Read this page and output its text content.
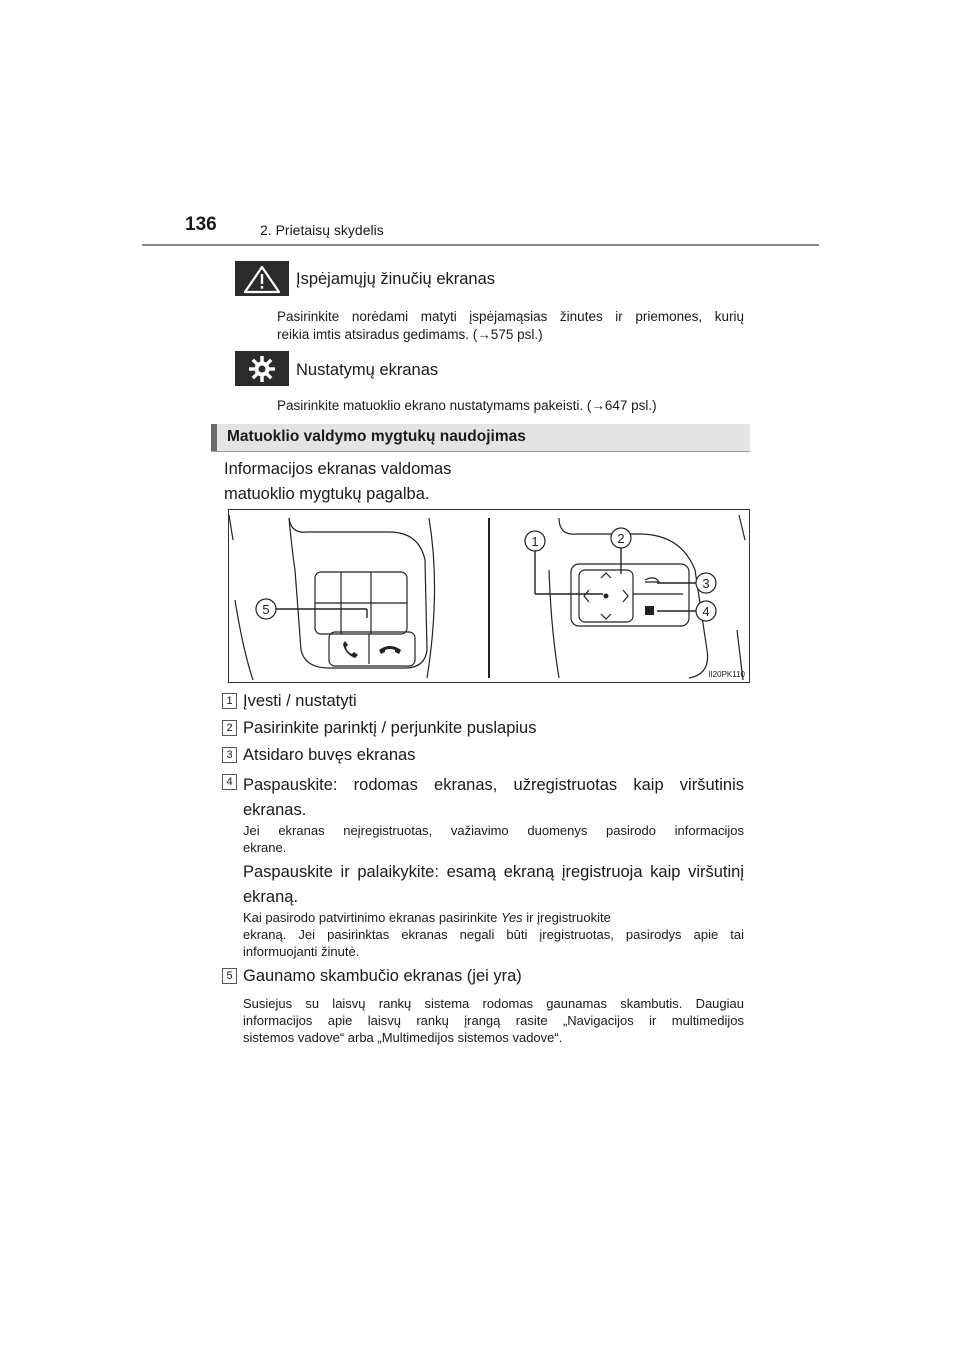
136	2. Prietaisų skydelis
Įspėjamųjų žinučių ekranas

Pasirinkite norėdami matyti įspėjamąsias žinutes ir priemones, kurių

reikia imtis atsiradus gedimams. (→575 psl.)

Nustatymų ekranas
Pasirinkite matuoklio ekrano nustatymams pakeisti. (→647 psl.)
Matuoklio valdymo mygtukų naudojimas

Informacijos ekranas valdomas

matuoklio mygtukų pagalba.

1	2
3
4
5
II20PK110
1 Įvesti / nustatyti
2 Pasirinkite parinktį / perjunkite puslapius
3 Atsidaro buvęs ekranas
4 Paspauskite: rodomas ekranas, užregistruotas kaip viršutinis
ekranas.

Jei ekranas neįregistruotas, važiavimo duomenys pasirodo informacijos

ekrane.

Paspauskite ir palaikykite: esamą ekraną įregistruoja kaip viršutinį
ekraną.

Kai pasirodo patvirtinimo ekranas pasirinkite Yes ir įregistruokite

ekraną. Jei pasirinktas ekranas negali būti įregistruotas, pasirodys apie tai

informuojanti žinutė.

5 Gaunamo skambučio ekranas (jei yra)

Susiejus su laisvų rankų sistema rodomas gaunamas skambutis. Daugiau

informacijos apie laisvų rankų įrangą rasite „Navigacijos ir multimedijos

sistemos vadove“ arba „Multimedijos sistemos vadove“.
